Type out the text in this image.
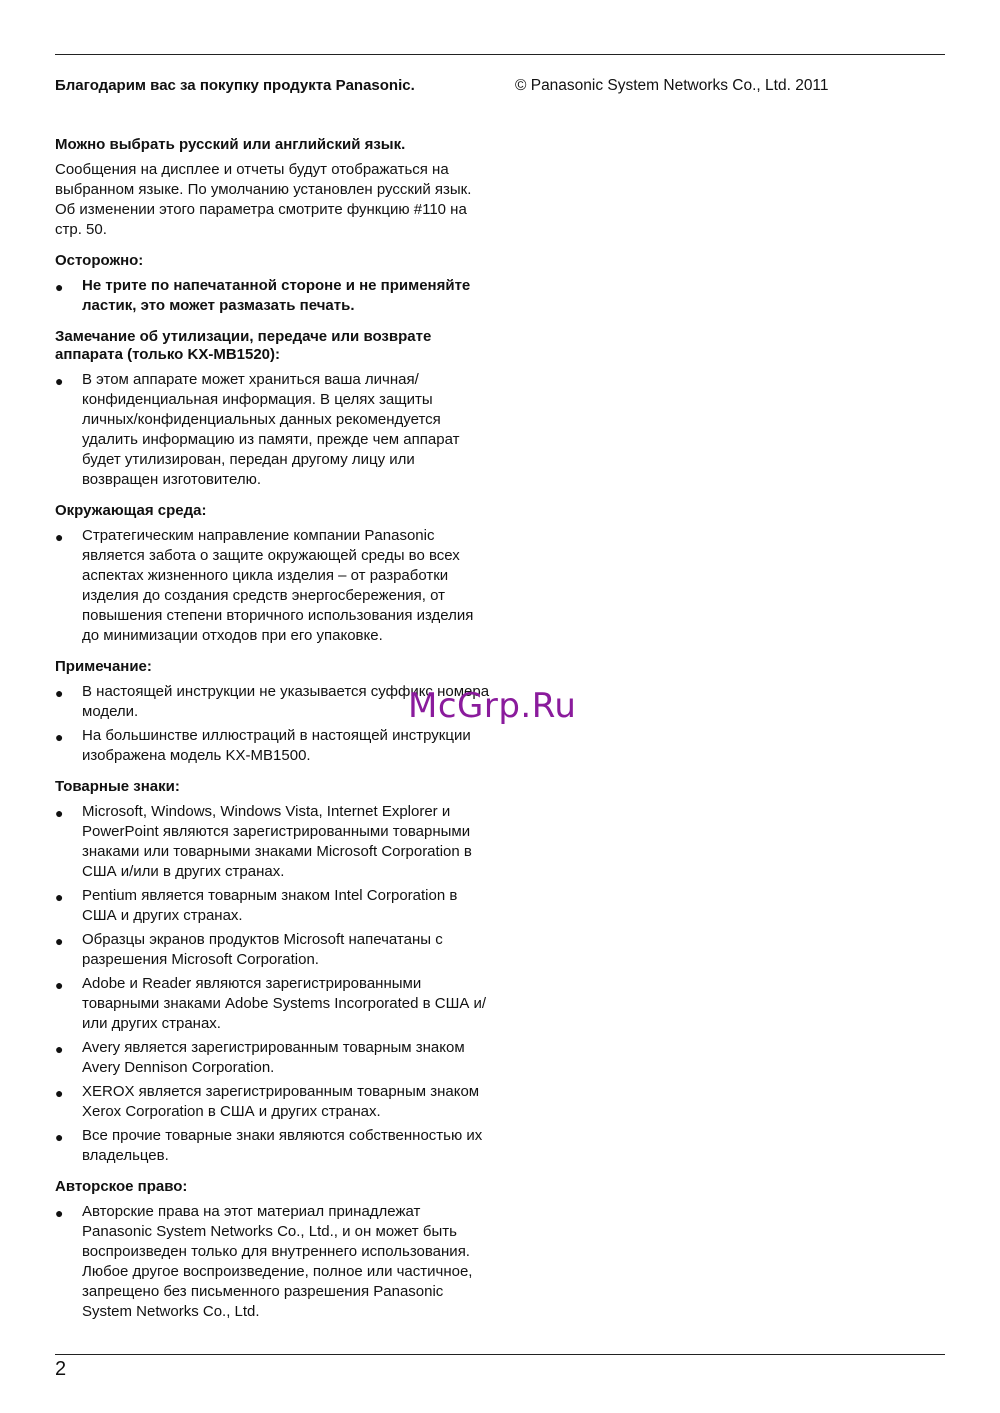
Благодарим вас за покупку продукта Panasonic.

Можно выбрать русский или английский язык.

Сообщения на дисплее и отчеты будут отображаться на выбранном языке. По умолчанию установлен русский язык. Об изменении этого параметра смотрите функцию #110 на стр. 50.

Осторожно:
● Не трите по напечатанной стороне и не применяйте ластик, это может размазать печать.
Замечание об утилизации, передаче или возврате аппарата (только KX-MB1520):
● В этом аппарате может храниться ваша личная/конфиденциальная информация. В целях защиты личных/конфиденциальных данных рекомендуется удалить информацию из памяти, прежде чем аппарат будет утилизирован, передан другому лицу или возвращен изготовителю.
Окружающая среда:
● Стратегическим направление компании Panasonic является забота о защите окружающей среды во всех аспектах жизненного цикла изделия – от разработки изделия до создания средств энергосбережения, от повышения степени вторичного использования изделия до минимизации отходов при его упаковке.
Примечание:
● В настоящей инструкции не указывается суффикс номера модели.
● На большинстве иллюстраций в настоящей инструкции изображена модель KX-MB1500.
Товарные знаки:
● Microsoft, Windows, Windows Vista, Internet Explorer и PowerPoint являются зарегистрированными товарными знаками или товарными знаками Microsoft Corporation в США и/или в других странах.
● Pentium является товарным знаком Intel Corporation в США и других странах.
● Образцы экранов продуктов Microsoft напечатаны с разрешения Microsoft Corporation.
● Adobe и Reader являются зарегистрированными товарными знаками Adobe Systems Incorporated в США и/или других странах.
● Avery является зарегистрированным товарным знаком Avery Dennison Corporation.
● XEROX является зарегистрированным товарным знаком Xerox Corporation в США и других странах.
● Все прочие товарные знаки являются собственностью их владельцев.
Авторское право:
● Авторские права на этот материал принадлежат Panasonic System Networks Co., Ltd., и он может быть воспроизведен только для внутреннего использования. Любое другое воспроизведение, полное или частичное, запрещено без письменного разрешения Panasonic System Networks Co., Ltd.

© Panasonic System Networks Co., Ltd. 2011

McGrp.Ru
2
